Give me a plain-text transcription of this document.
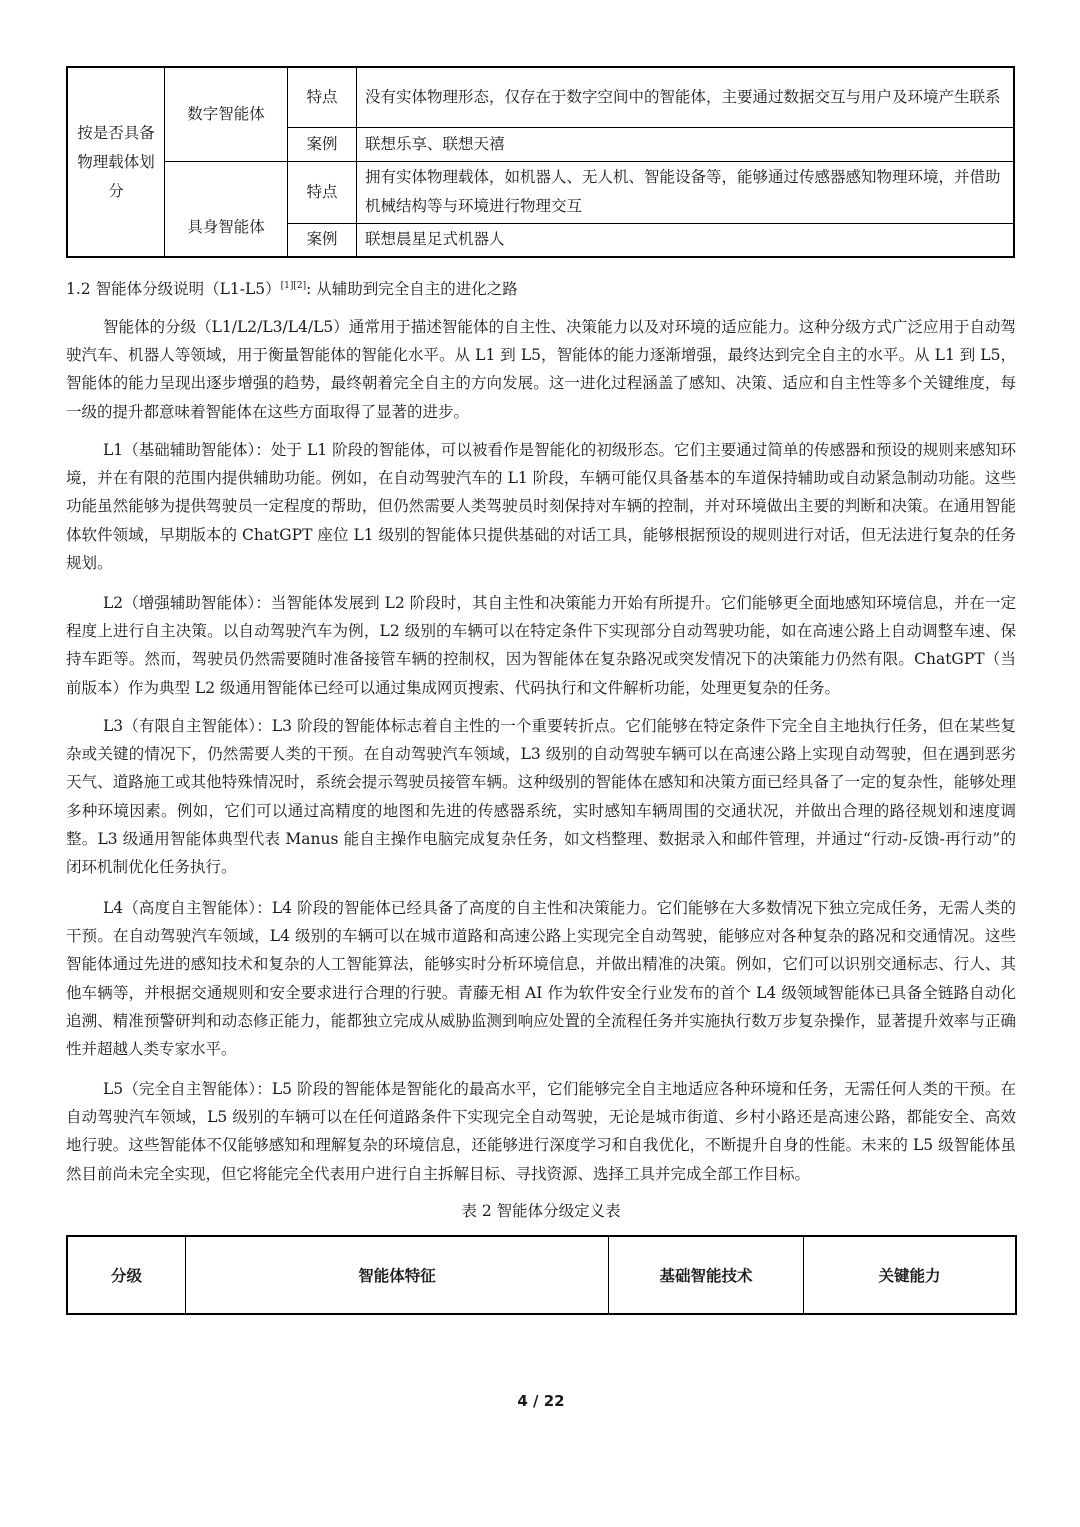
按是否具备物理载体划分	数字智能体	特点	没有实体物理形态，仅存在于数字空间中的智能体，主要通过数据交互与用户及环境产生联系
		案例	联想乐享、联想天禧
	具身智能体	特点	拥有实体物理载体，如机器人、无人机、智能设备等，能够通过传感器感知物理环境，并借助机械结构等与环境进行物理交互
		案例	联想晨星足式机器人
1.2 智能体分级说明（L1-L5）[1][2]: 从辅助到完全自主的进化之路

智能体的分级（L1/L2/L3/L4/L5）通常用于描述智能体的自主性、决策能力以及对环境的适应能力。这种分级方式广泛应用于自动驾驶汽车、机器人等领域，用于衡量智能体的智能化水平。从 L1 到 L5，智能体的能力逐渐增强，最终达到完全自主的水平。从 L1 到 L5，智能体的能力呈现出逐步增强的趋势，最终朝着完全自主的方向发展。这一进化过程涵盖了感知、决策、适应和自主性等多个关键维度，每一级的提升都意味着智能体在这些方面取得了显著的进步。

L1（基础辅助智能体）：处于 L1 阶段的智能体，可以被看作是智能化的初级形态。它们主要通过简单的传感器和预设的规则来感知环境，并在有限的范围内提供辅助功能。例如，在自动驾驶汽车的 L1 阶段，车辆可能仅具备基本的车道保持辅助或自动紧急制动功能。这些功能虽然能够为提供驾驶员一定程度的帮助，但仍然需要人类驾驶员时刻保持对车辆的控制，并对环境做出主要的判断和决策。在通用智能体软件领域，早期版本的 ChatGPT 座位 L1 级别的智能体只提供基础的对话工具，能够根据预设的规则进行对话，但无法进行复杂的任务规划。

L2（增强辅助智能体）：当智能体发展到 L2 阶段时，其自主性和决策能力开始有所提升。它们能够更全面地感知环境信息，并在一定程度上进行自主决策。以自动驾驶汽车为例，L2 级别的车辆可以在特定条件下实现部分自动驾驶功能，如在高速公路上自动调整车速、保持车距等。然而，驾驶员仍然需要随时准备接管车辆的控制权，因为智能体在复杂路况或突发情况下的决策能力仍然有限。ChatGPT（当前版本）作为典型 L2 级通用智能体已经可以通过集成网页搜索、代码执行和文件解析功能，处理更复杂的任务。

L3（有限自主智能体）：L3 阶段的智能体标志着自主性的一个重要转折点。它们能够在特定条件下完全自主地执行任务，但在某些复杂或关键的情况下，仍然需要人类的干预。在自动驾驶汽车领域，L3 级别的自动驾驶车辆可以在高速公路上实现自动驾驶，但在遇到恶劣天气、道路施工或其他特殊情况时，系统会提示驾驶员接管车辆。这种级别的智能体在感知和决策方面已经具备了一定的复杂性，能够处理多种环境因素。例如，它们可以通过高精度的地图和先进的传感器系统，实时感知车辆周围的交通状况，并做出合理的路径规划和速度调整。L3 级通用智能体典型代表 Manus 能自主操作电脑完成复杂任务，如文档整理、数据录入和邮件管理，并通过“行动-反馈-再行动”的闭环机制优化任务执行。

L4（高度自主智能体）：L4 阶段的智能体已经具备了高度的自主性和决策能力。它们能够在大多数情况下独立完成任务，无需人类的干预。在自动驾驶汽车领域，L4 级别的车辆可以在城市道路和高速公路上实现完全自动驾驶，能够应对各种复杂的路况和交通情况。这些智能体通过先进的感知技术和复杂的人工智能算法，能够实时分析环境信息，并做出精准的决策。例如，它们可以识别交通标志、行人、其他车辆等，并根据交通规则和安全要求进行合理的行驶。青藤无相 AI 作为软件安全行业发布的首个 L4 级领域智能体已具备全链路自动化追溯、精准预警研判和动态修正能力，能都独立完成从威胁监测到响应处置的全流程任务并实施执行数万步复杂操作，显著提升效率与正确性并超越人类专家水平。

L5（完全自主智能体）：L5 阶段的智能体是智能化的最高水平，它们能够完全自主地适应各种环境和任务，无需任何人类的干预。在自动驾驶汽车领域，L5 级别的车辆可以在任何道路条件下实现完全自动驾驶，无论是城市街道、乡村小路还是高速公路，都能安全、高效地行驶。这些智能体不仅能够感知和理解复杂的环境信息，还能够进行深度学习和自我优化，不断提升自身的性能。未来的 L5 级智能体虽然目前尚未完全实现，但它将能完全代表用户进行自主拆解目标、寻找资源、选择工具并完成全部工作目标。

表 2 智能体分级定义表
分级	智能体特征	基础智能技术	关键能力
4 / 22
